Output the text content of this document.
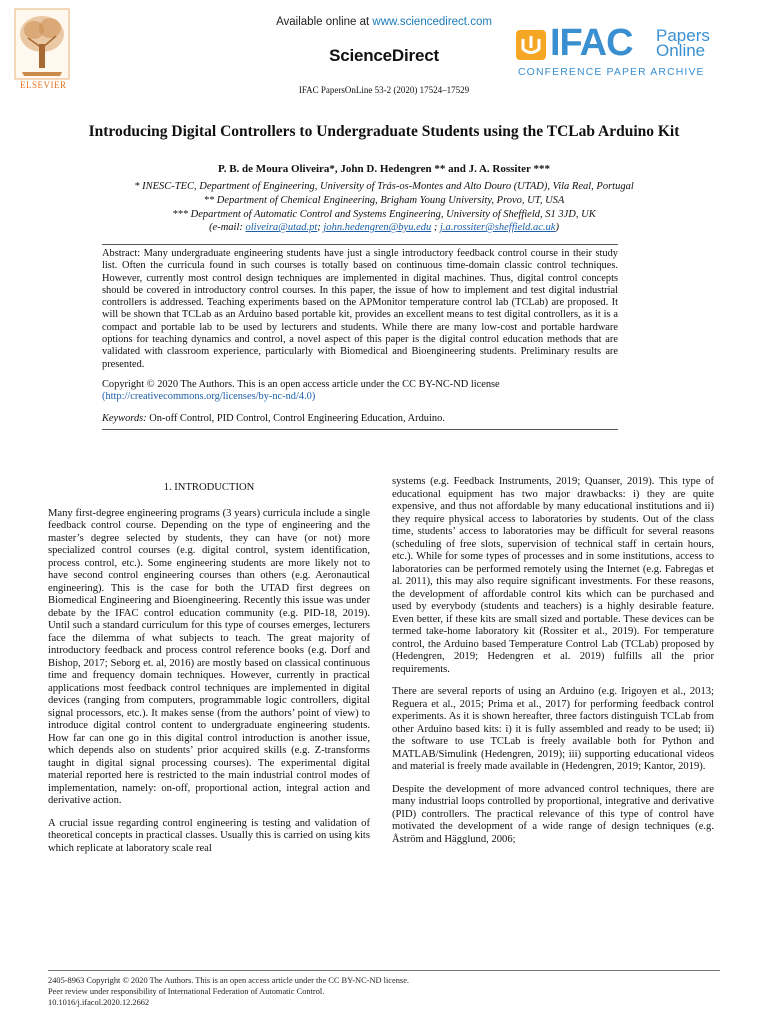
ELSEVIER
Available online at www.sciencedirect.com
ScienceDirect
IFAC PapersOnLine 53-2 (2020) 17524–17529
IFAC Papers
Online
CONFERENCE PAPER ARCHIVE
Introducing Digital Controllers to Undergraduate Students using the TCLab Arduino Kit
P. B. de Moura Oliveira*, John D. Hedengren ** and J. A. Rossiter ***
* INESC-TEC, Department of Engineering, University of Trás-os-Montes and Alto Douro (UTAD), Vila Real, Portugal
** Department of Chemical Engineering, Brigham Young University, Provo, UT, USA
*** Department of Automatic Control and Systems Engineering, University of Sheffield, S1 3JD, UK
(e-mail: oliveira@utad.pt; john.hedengren@byu.edu ; j.a.rossiter@sheffield.ac.uk)

Abstract: Many undergraduate engineering students have just a single introductory feedback control course in their study list. Often the curricula found in such courses is totally based on continuous time-domain classic control techniques. However, currently most control design techniques are implemented in digital machines. Thus, digital control concepts should be covered in introductory control courses. In this paper, the issue of how to implement and test digital industrial controllers is addressed. Teaching experiments based on the APMonitor temperature control lab (TCLab) are proposed. It will be shown that TCLab as an Arduino based portable kit, provides an excellent means to test digital controllers, as it is a compact and portable lab to be used by lecturers and students. While there are many low-cost and portable hardware options for teaching dynamics and control, a novel aspect of this paper is the digital control education methods that are validated with classroom experience, particularly with Biomedical and Bioengineering students. Preliminary results are presented.

Copyright © 2020 The Authors. This is an open access article under the CC BY-NC-ND license
(http://creativecommons.org/licenses/by-nc-nd/4.0)

Keywords: On-off Control, PID Control, Control Engineering Education, Arduino.

1. INTRODUCTION

Many first-degree engineering programs (3 years) curricula include a single feedback control course. Depending on the type of engineering and the master’s degree selected by students, they can have (or not) more specialized control courses (e.g. digital control, system identification, process control, etc.). Some engineering students are more likely not to have second control engineering courses than others (e.g. Aeronautical engineering). This is the case for both the UTAD first degrees on Biomedical Engineering and Bioengineering. Recently this issue was under debate by the IFAC control education community (e.g. PID-18, 2019). Until such a standard curriculum for this type of courses emerges, lecturers face the dilemma of what subjects to teach. The great majority of introductory feedback and process control reference books (e.g. Dorf and Bishop, 2017; Seborg et. al, 2016) are mostly based on classical continuous time and frequency domain techniques. However, currently in practical applications most feedback control techniques are implemented in digital devices (ranging from computers, programmable logic controllers, digital signal processors, etc.). It makes sense (from the authors’ point of view) to introduce digital control content to undergraduate engineering students. How far can one go in this digital control introduction is another issue, which depends also on students’ prior acquired skills (e.g. Z-transforms taught in digital signal processing courses). The experimental digital material reported here is restricted to the main industrial control modes of implementation, namely: on-off, proportional action, integral action and derivative action.

A crucial issue regarding control engineering is testing and validation of theoretical concepts in practical classes. Usually this is carried on using kits which replicate at laboratory scale real

systems (e.g. Feedback Instruments, 2019; Quanser, 2019). This type of educational equipment has two major drawbacks: i) they are quite expensive, and thus not affordable by many educational institutions and ii) they require physical access to laboratories by students. Out of the class time, students’ access to laboratories may be difficult for several reasons (scheduling of free slots, supervision of technical staff in certain hours, etc.). While for some types of processes and in some institutions, access to laboratories can be performed remotely using the Internet (e.g. Fabregas et al. 2011), this may also require significant investments. For these reasons, the development of affordable control kits which can be purchased and used by everybody (students and teachers) is a highly desirable feature. Even better, if these kits are small sized and portable. These devices can be termed take-home laboratory kit (Rossiter et al., 2019). For temperature control, the Arduino based Temperature Control Lab (TCLab) proposed by (Hedengren, 2019; Hedengren et al. 2019) fulfills all the prior requirements.

There are several reports of using an Arduino (e.g. Irigoyen et al., 2013; Reguera et al., 2015; Prima et al., 2017) for performing feedback control experiments. As it is shown hereafter, three factors distinguish TCLab from other Arduino based kits: i) it is fully assembled and ready to be used; ii) the software to use TCLab is freely available both for Python and MATLAB/Simulink (Hedengren, 2019); iii) supporting educational videos and material is freely made available in (Hedengren, 2019; Kantor, 2019).

Despite the development of more advanced control techniques, there are many industrial loops controlled by proportional, integrative and derivative (PID) controllers. The practical relevance of this type of control have motivated the development of a wide range of design techniques (e.g. Åström and Hägglund, 2006;

2405-8963 Copyright © 2020 The Authors. This is an open access article under the CC BY-NC-ND license.
Peer review under responsibility of International Federation of Automatic Control.
10.1016/j.ifacol.2020.12.2662
